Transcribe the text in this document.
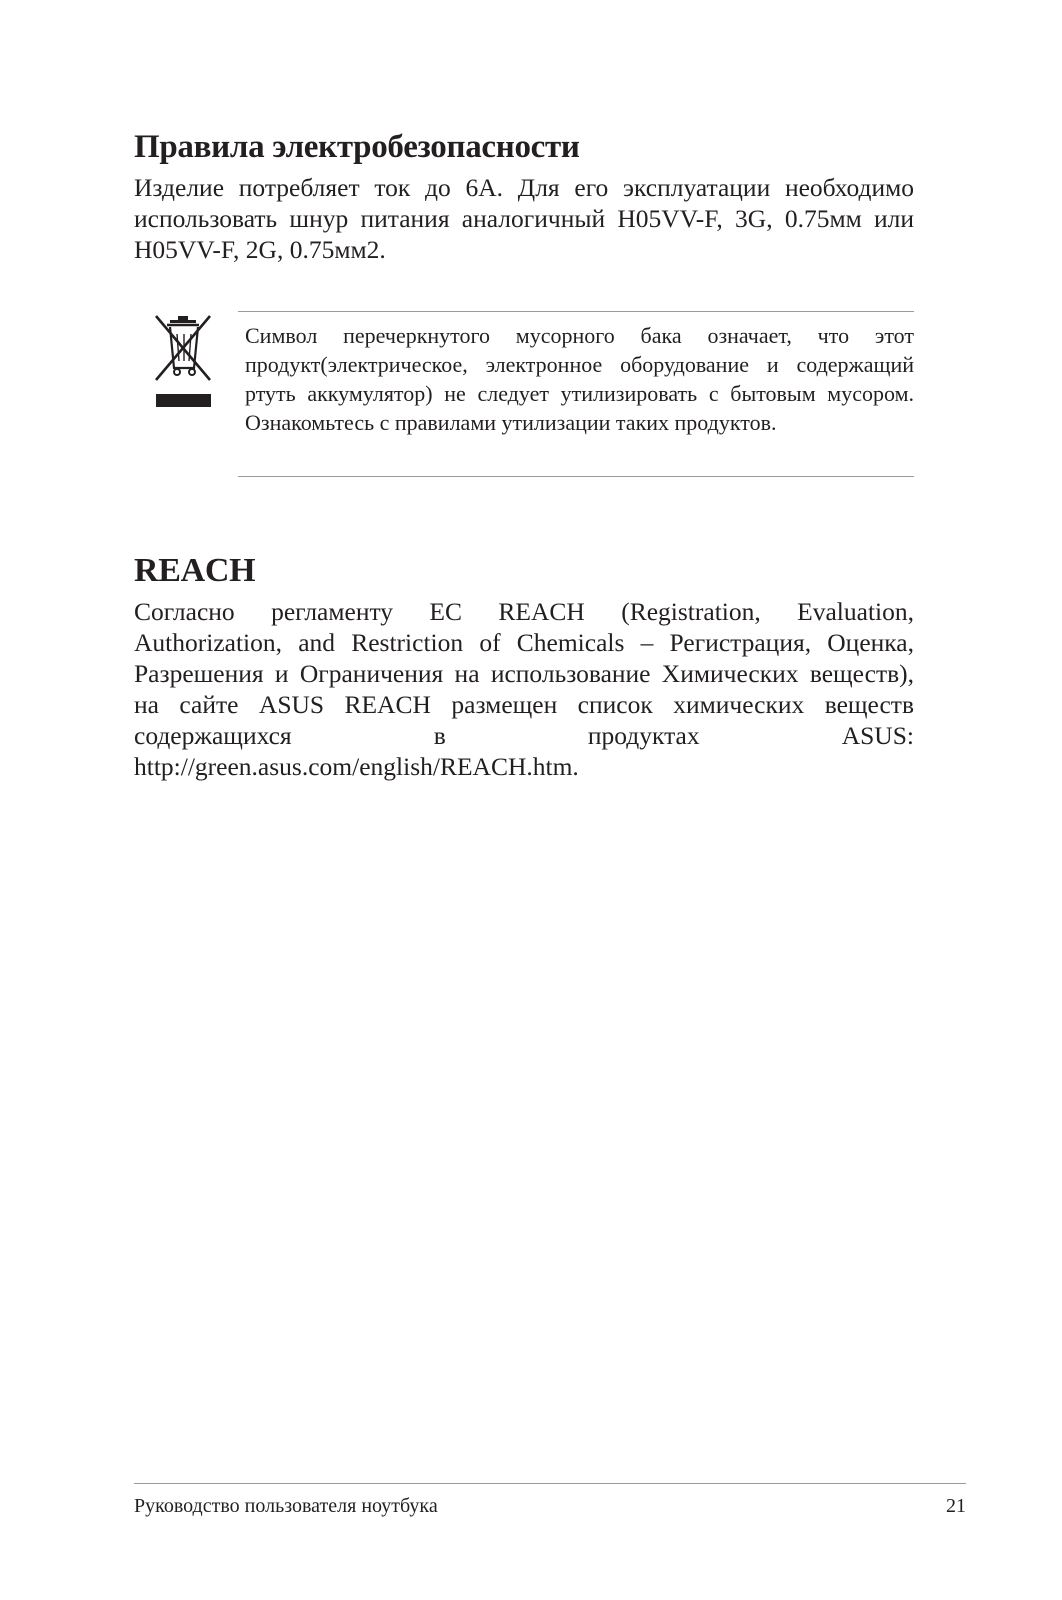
Правила электробезопасности

Изделие потребляет ток до 6A. Для его эксплуатации необходимо использовать шнур питания аналогичный H05VV-F, 3G, 0.75мм или H05VV-F, 2G, 0.75мм2.

Символ перечеркнутого мусорного бака означает, что этот продукт(электрическое, электронное оборудование и содержащий ртуть аккумулятор) не следует утилизировать с бытовым мусором. Ознакомьтесь с правилами утилизации таких продуктов.

REACH

Согласно регламенту ЕС REACH (Registration, Evaluation, Authorization, and Restriction of Chemicals – Регистрация, Оценка, Разрешения и Ограничения на использование Химических веществ), на сайте ASUS REACH размещен список химических веществ содержащихся в продуктах ASUS: http://green.asus.com/english/REACH.htm.

Руководство пользователя ноутбука	21
